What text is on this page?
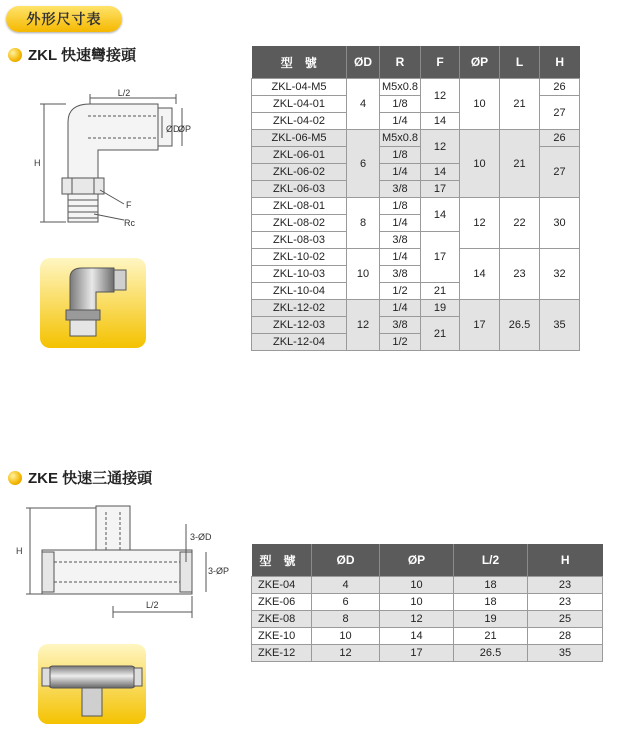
外形尺寸表
ZKL 快速彎接頭
L/2
H
ØD
ØP
F
Rc
型　號	ØD	R	F	ØP	L	H
ZKL-04-M5	4	M5x0.8	12	10	21	26
ZKL-04-01		1/8				27
ZKL-04-02		1/4	14			
ZKL-06-M5	6	M5x0.8	12	10	21	26
ZKL-06-01		1/8				27
ZKL-06-02		1/4	14			
ZKL-06-03		3/8	17			
ZKL-08-01	8	1/8	14	12	22	30
ZKL-08-02		1/4				
ZKL-08-03		3/8	17			
ZKL-10-02	10	1/4		14	23	32
ZKL-10-03		3/8				
ZKL-10-04		1/2	21			
ZKL-12-02	12	1/4	19	17	26.5	35
ZKL-12-03		3/8	21			
ZKL-12-04		1/2				
ZKE 快速三通接頭
H
L/2
3-ØD
3-ØP
型　號	ØD	ØP	L/2	H
ZKE-04	4	10	18	23
ZKE-06	6	10	18	23
ZKE-08	8	12	19	25
ZKE-10	10	14	21	28
ZKE-12	12	17	26.5	35
